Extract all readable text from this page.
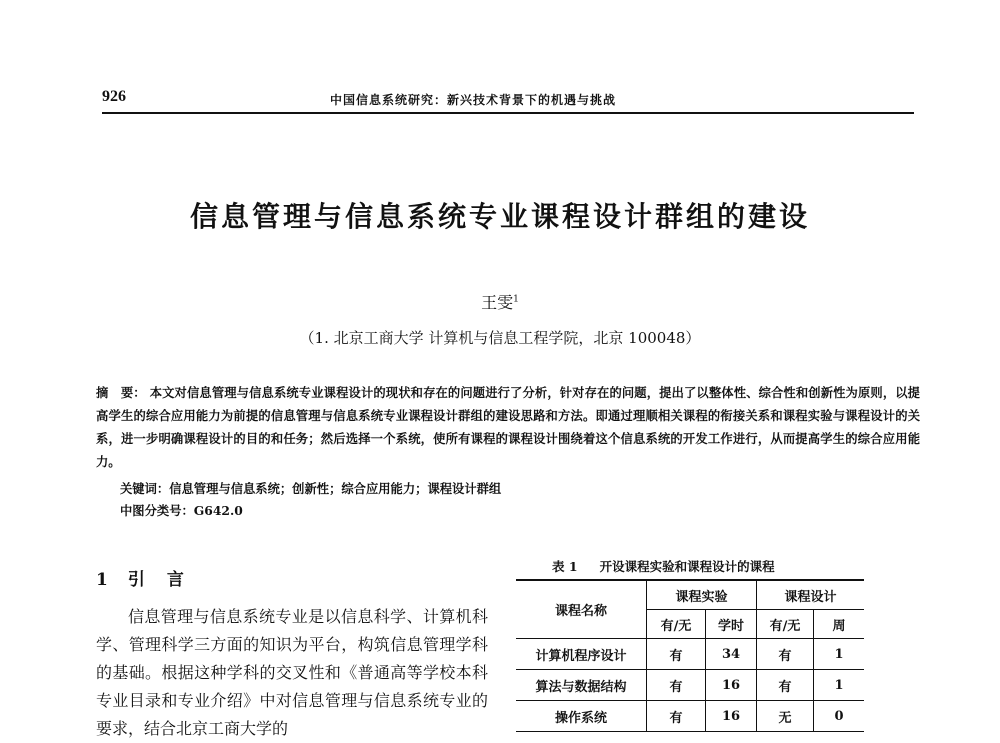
926	中国信息系统研究：新兴技术背景下的机遇与挑战
信息管理与信息系统专业课程设计群组的建设
王雯$^1$
（1. 北京工商大学 计算机与信息工程学院，北京 100048）
摘　要： 本文对信息管理与信息系统专业课程设计的现状和存在的问题进行了分析，针对存在的问题，提出了以整体性、综合性和创新性为原则，以提高学生的综合应用能力为前提的信息管理与信息系统专业课程设计群组的建设思路和方法。即通过理顺相关课程的衔接关系和课程实验与课程设计的关系，进一步明确课程设计的目的和任务；然后选择一个系统，使所有课程的课程设计围绕着这个信息系统的开发工作进行，从而提高学生的综合应用能力。
关键词：信息管理与信息系统；创新性；综合应用能力；课程设计群组
中图分类号：G642.0
1 引 言

信息管理与信息系统专业是以信息科学、计算机科学、管理科学三方面的知识为平台，构筑信息管理学科的基础。根据这种学科的交叉性和《普通高等学校本科专业目录和专业介绍》中对信息管理与信息系统专业的要求，结合北京工商大学的

表 1 开设课程实验和课程设计的课程
课程名称	课程实验		课程设计	
	有/无	学时	有/无	周
计算机程序设计	有	34	有	1
算法与数据结构	有	16	有	1
操作系统	有	16	无	0
